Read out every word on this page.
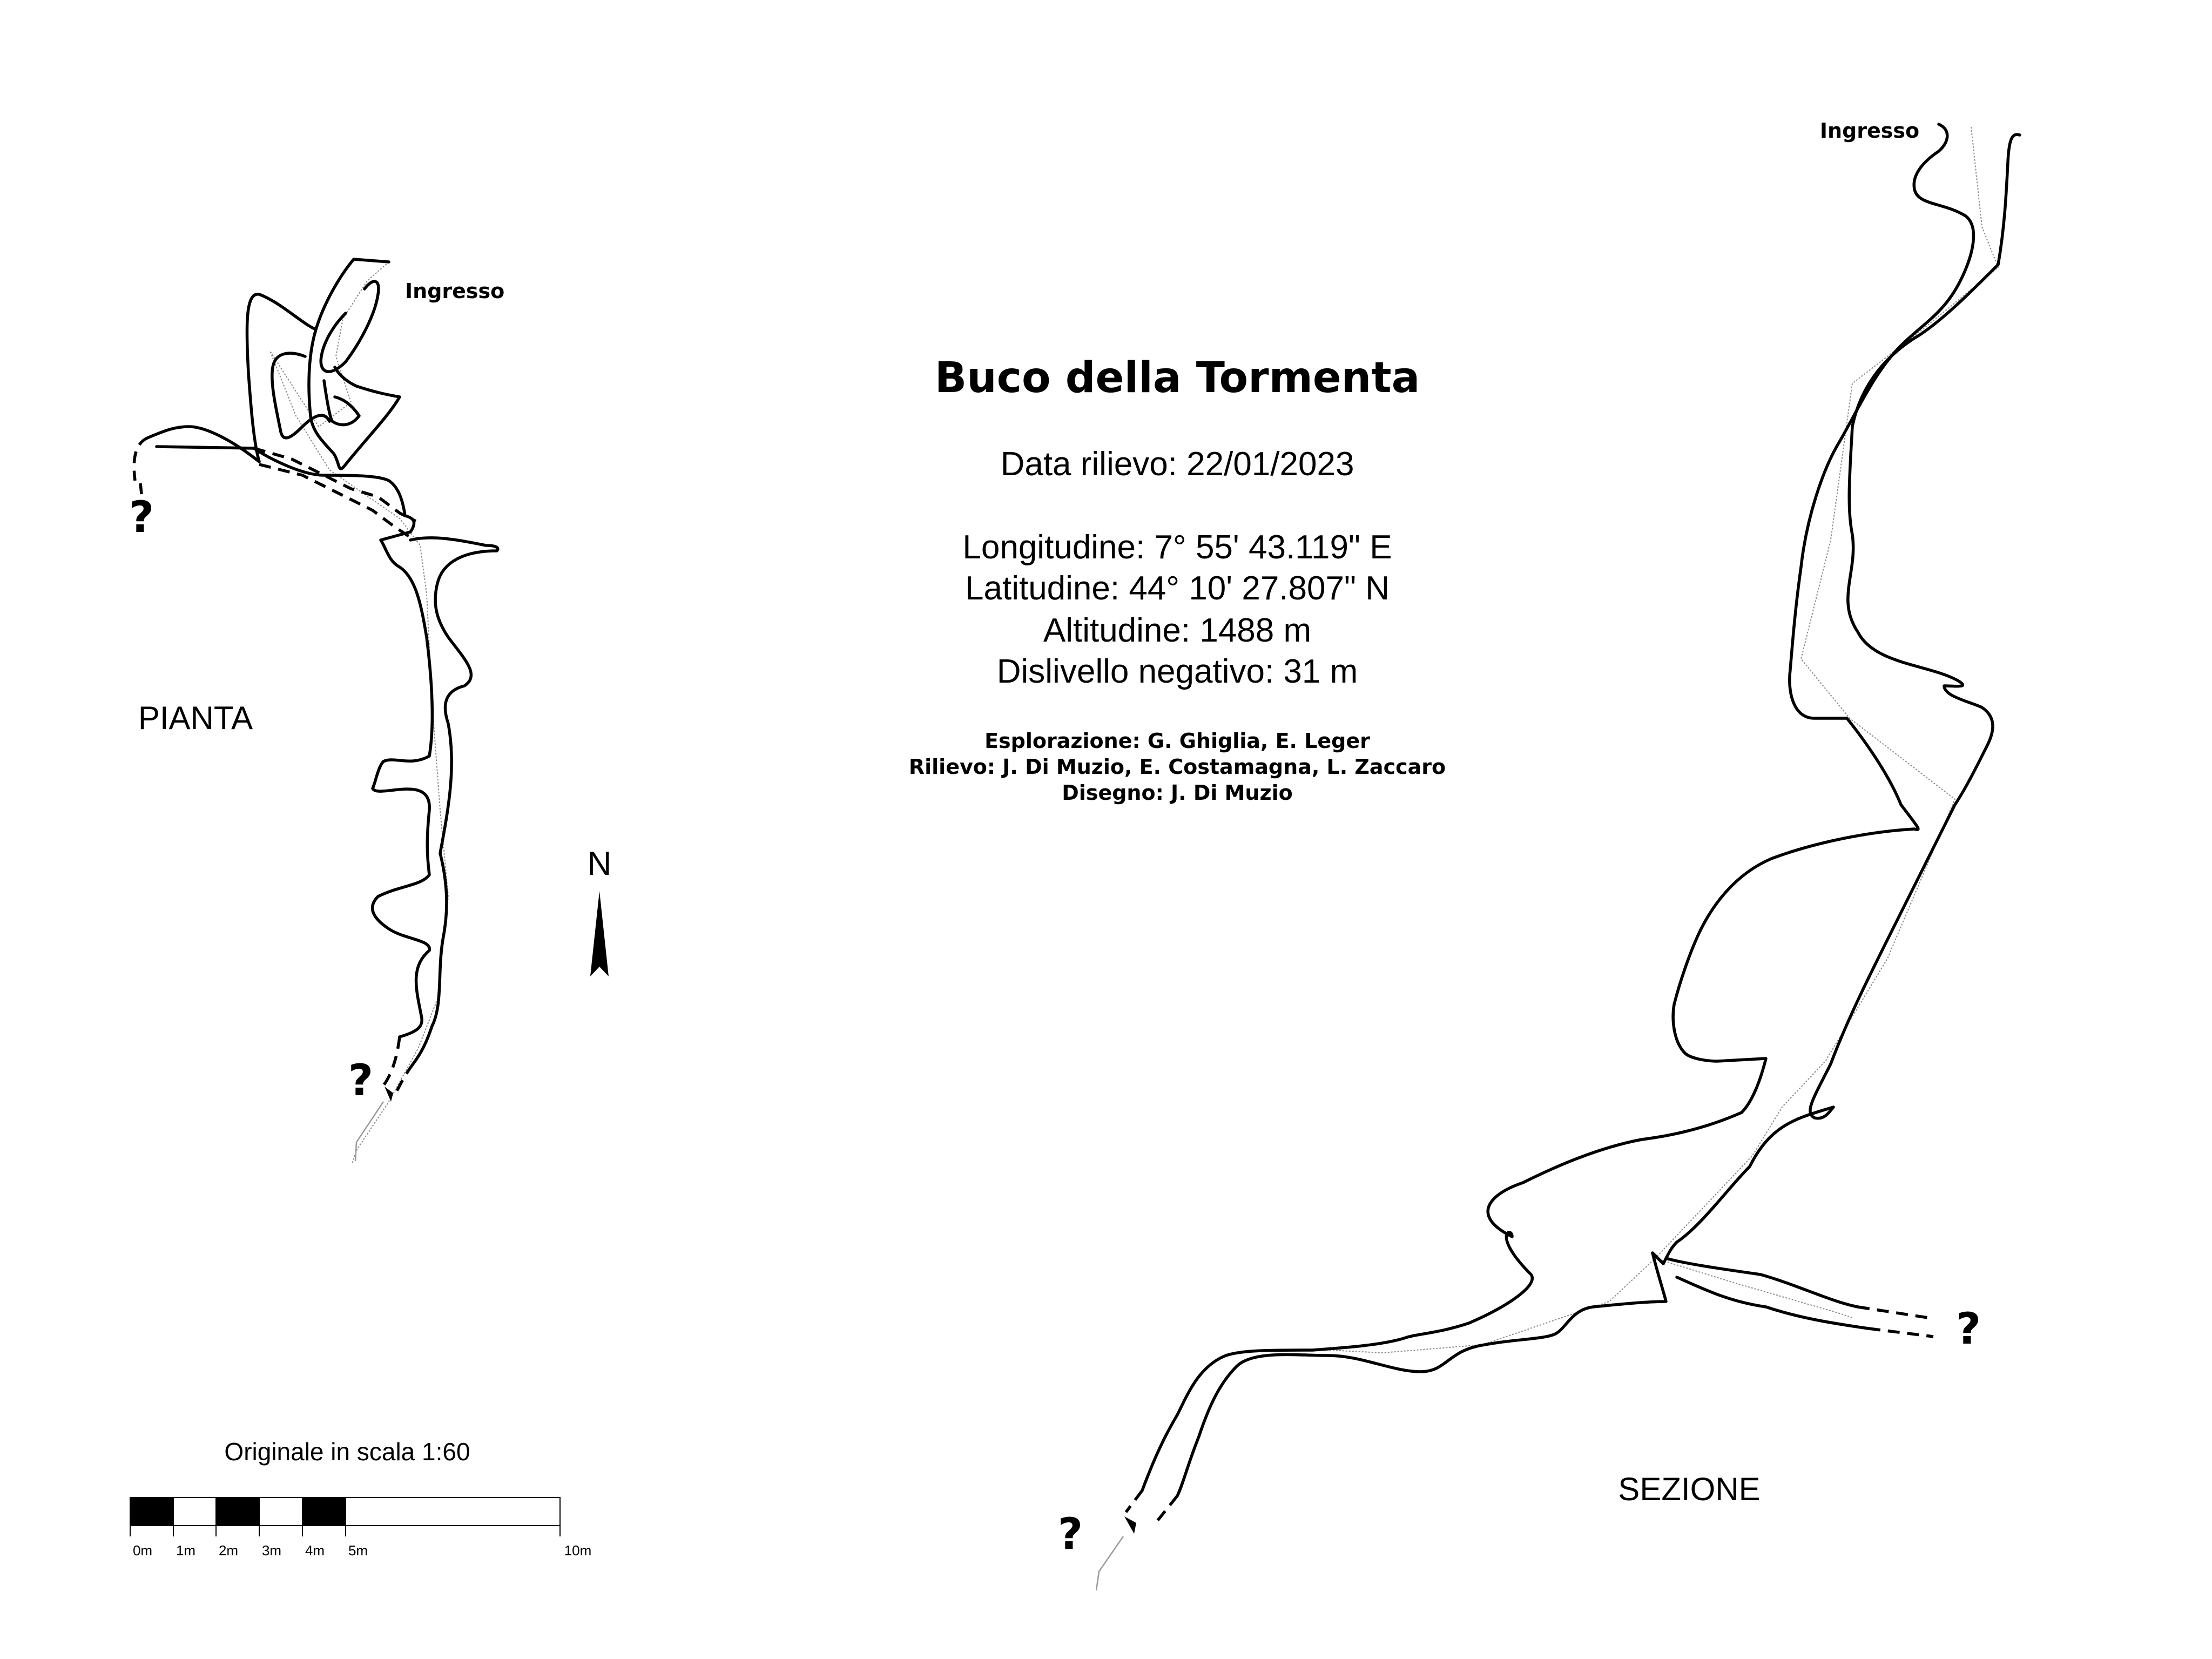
Buco della Tormenta
Data rilievo: 22/01/2023
Longitudine: 7° 55' 43.119" E
Latitudine: 44° 10' 27.807" N
Altitudine: 1488 m
Dislivello negativo: 31 m
Esplorazione: G. Ghiglia, E. Leger
Rilievo: J. Di Muzio, E. Costamagna, L. Zaccaro
Disegno: J. Di Muzio
Ingresso
?
?
PIANTA
N
Ingresso
?
?
SEZIONE
Originale in scala 1:60
0m 1m 2m 3m 4m 5m	10m
